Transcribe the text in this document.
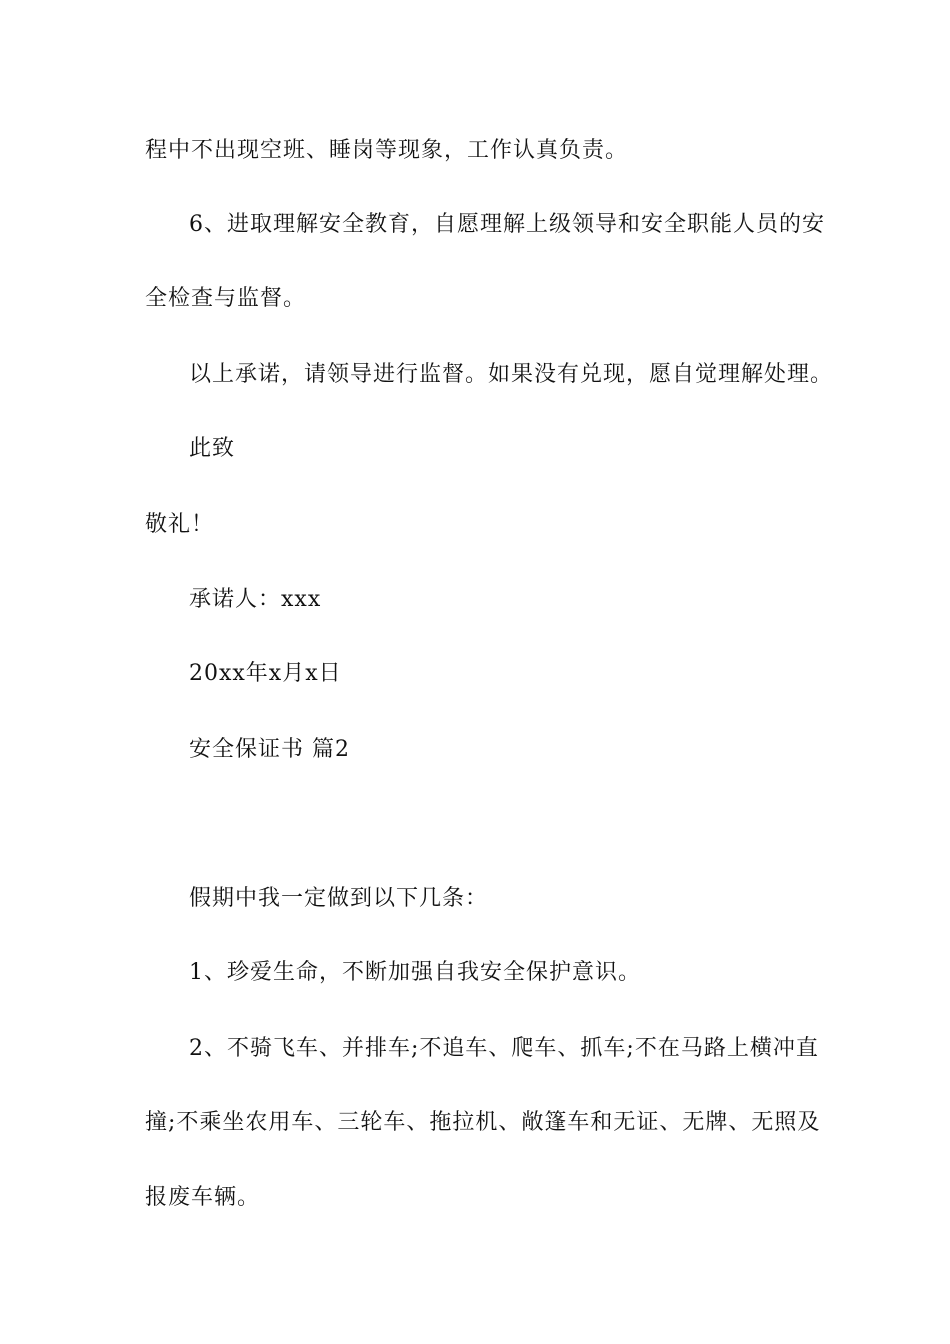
程中不出现空班、睡岗等现象，工作认真负责。
6、进取理解安全教育，自愿理解上级领导和安全职能人员的安
全检查与监督。
以上承诺，请领导进行监督。如果没有兑现，愿自觉理解处理。
此致
敬礼！
承诺人：xxx
20xx年x月x日
安全保证书 篇2
假期中我一定做到以下几条：
1、珍爱生命，不断加强自我安全保护意识。
2、不骑飞车、并排车;不追车、爬车、抓车;不在马路上横冲直
撞;不乘坐农用车、三轮车、拖拉机、敞篷车和无证、无牌、无照及
报废车辆。
